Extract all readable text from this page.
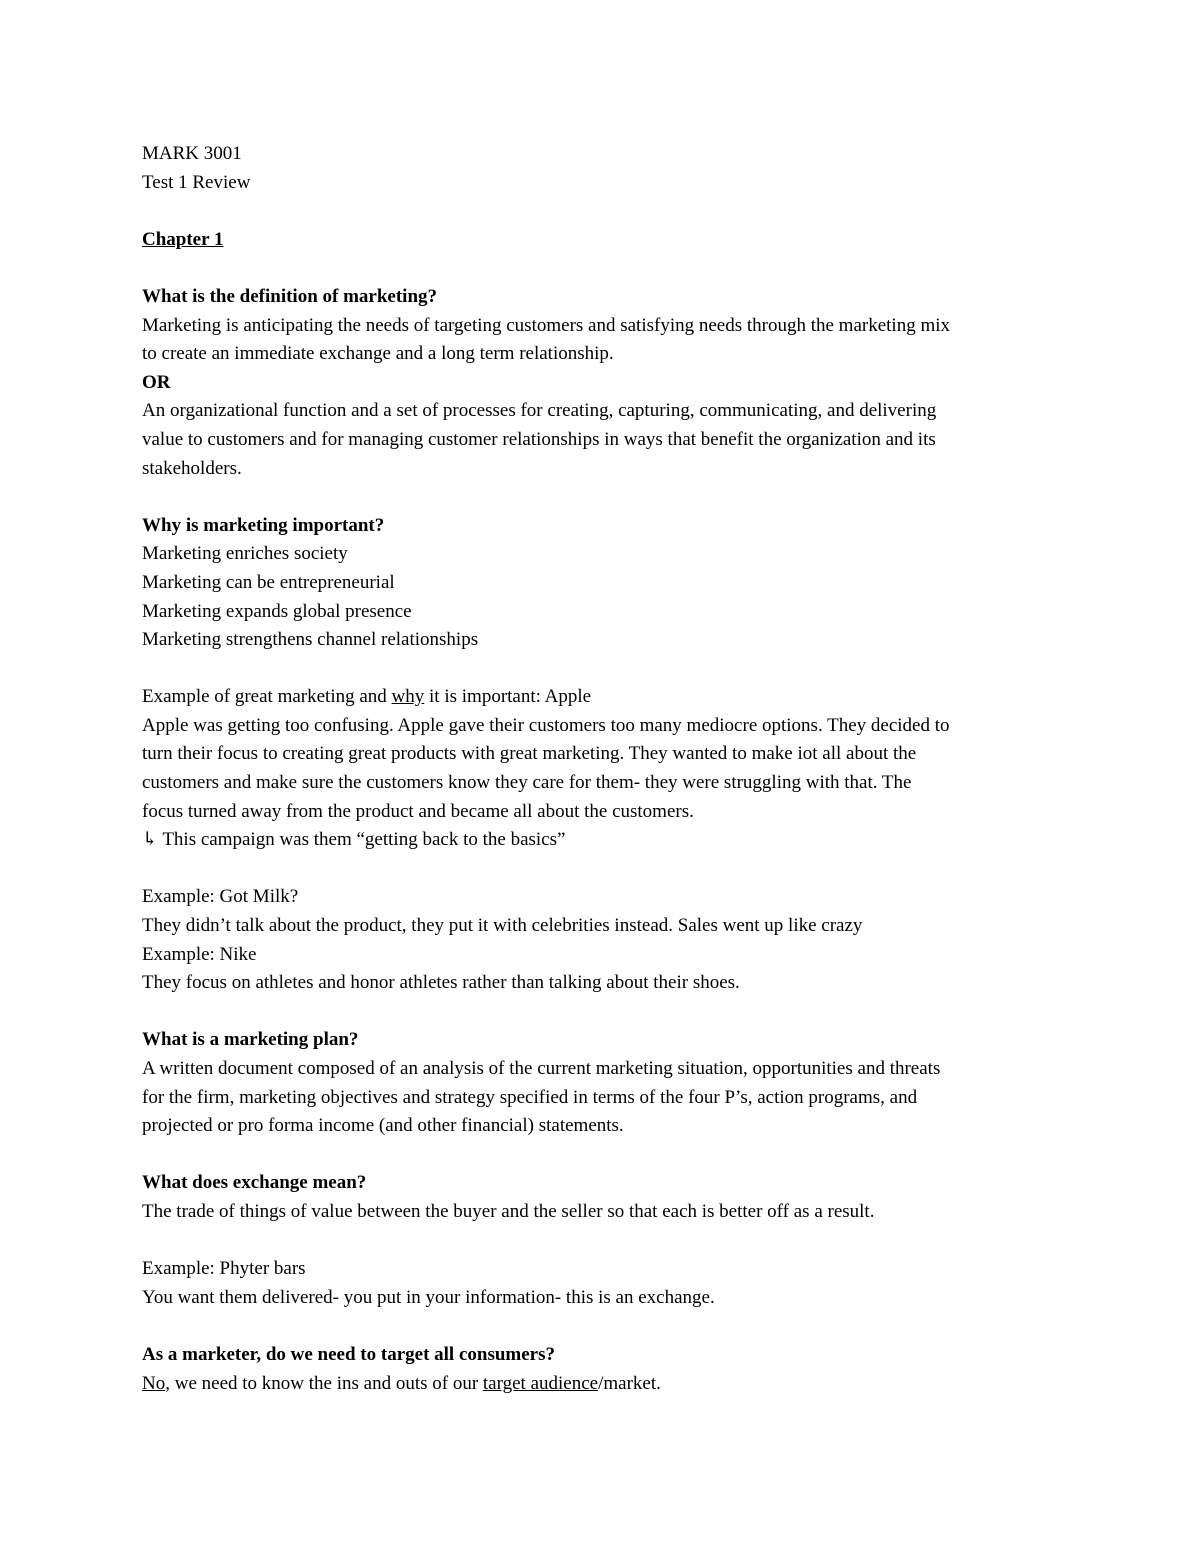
MARK 3001
Test 1 Review
Chapter 1
What is the definition of marketing?
Marketing is anticipating the needs of targeting customers and satisfying needs through the marketing mix
to create an immediate exchange and a long term relationship.
OR
An organizational function and a set of processes for creating, capturing, communicating, and delivering
value to customers and for managing customer relationships in ways that benefit the organization and its
stakeholders.
Why is marketing important?
Marketing enriches society
Marketing can be entrepreneurial
Marketing expands global presence
Marketing strengthens channel relationships
Example of great marketing and why it is important: Apple
Apple was getting too confusing. Apple gave their customers too many mediocre options. They decided to
turn their focus to creating great products with great marketing. They wanted to make iot all about the
customers and make sure the customers know they care for them- they were struggling with that. The
focus turned away from the product and became all about the customers.
↳ This campaign was them “getting back to the basics”
Example: Got Milk?
They didn’t talk about the product, they put it with celebrities instead. Sales went up like crazy
Example: Nike
They focus on athletes and honor athletes rather than talking about their shoes.
What is a marketing plan?
A written document composed of an analysis of the current marketing situation, opportunities and threats
for the firm, marketing objectives and strategy specified in terms of the four P’s, action programs, and
projected or pro forma income (and other financial) statements.
What does exchange mean?
The trade of things of value between the buyer and the seller so that each is better off as a result.
Example: Phyter bars
You want them delivered- you put in your information- this is an exchange.
As a marketer, do we need to target all consumers?
No, we need to know the ins and outs of our target audience/market.
